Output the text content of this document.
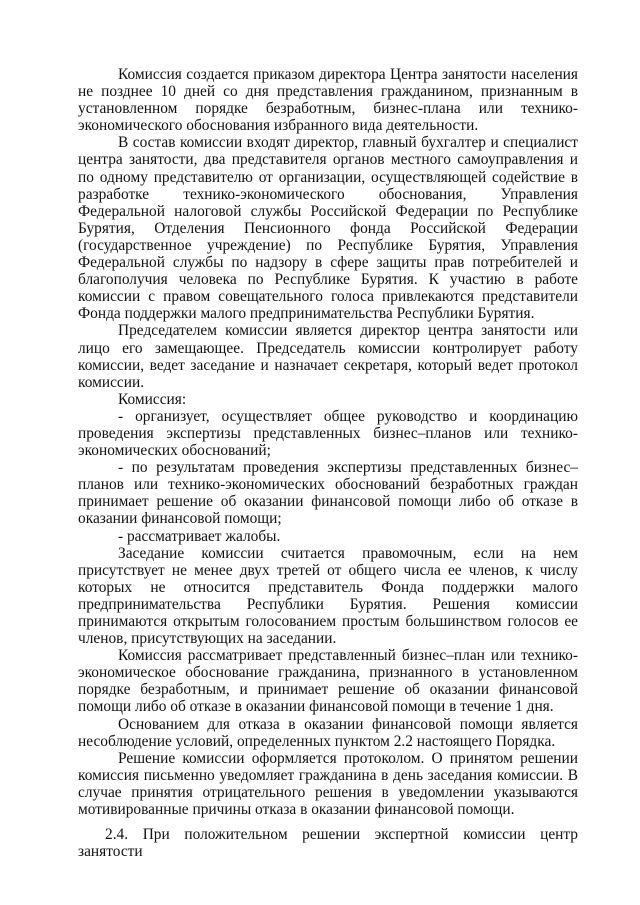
Комиссия создается приказом директора Центра занятости населения не позднее 10 дней со дня представления гражданином, признанным в установленном порядке безработным, бизнес-плана или технико-экономического обоснования избранного вида деятельности.

В состав комиссии входят директор, главный бухгалтер и специалист центра занятости, два представителя органов местного самоуправления и по одному представителю от организации, осуществляющей содействие в разработке технико-экономического обоснования, Управления Федеральной налоговой службы Российской Федерации по Республике Бурятия, Отделения Пенсионного фонда Российской Федерации (государственное учреждение) по Республике Бурятия, Управления Федеральной службы по надзору в сфере защиты прав потребителей и благополучия человека по Республике Бурятия. К участию в работе комиссии с правом совещательного голоса привлекаются представители Фонда поддержки малого предпринимательства Республики Бурятия.

Председателем комиссии является директор центра занятости или лицо его замещающее. Председатель комиссии контролирует работу комиссии, ведет заседание и назначает секретаря, который ведет протокол комиссии.

Комиссия:

- организует, осуществляет общее руководство и координацию проведения экспертизы представленных бизнес–планов или технико-экономических обоснований;

- по результатам проведения экспертизы представленных бизнес–планов или технико-экономических обоснований безработных граждан принимает решение об оказании финансовой помощи либо об отказе в оказании финансовой помощи;

- рассматривает жалобы.

Заседание комиссии считается правомочным, если на нем присутствует не менее двух третей от общего числа ее членов, к числу которых не относится представитель Фонда поддержки малого предпринимательства Республики Бурятия. Решения комиссии принимаются открытым голосованием простым большинством голосов ее членов, присутствующих на заседании.

Комиссия рассматривает представленный бизнес–план или технико-экономическое обоснование гражданина, признанного в установленном порядке безработным, и принимает решение об оказании финансовой помощи либо об отказе в оказании финансовой помощи в течение 1 дня.

Основанием для отказа в оказании финансовой помощи является несоблюдение условий, определенных пунктом 2.2 настоящего Порядка.

Решение комиссии оформляется протоколом. О принятом решении комиссия письменно уведомляет гражданина в день заседания комиссии. В случае принятия отрицательного решения в уведомлении указываются мотивированные причины отказа в оказании финансовой помощи.

2.4. При положительном решении экспертной комиссии центр занятости
